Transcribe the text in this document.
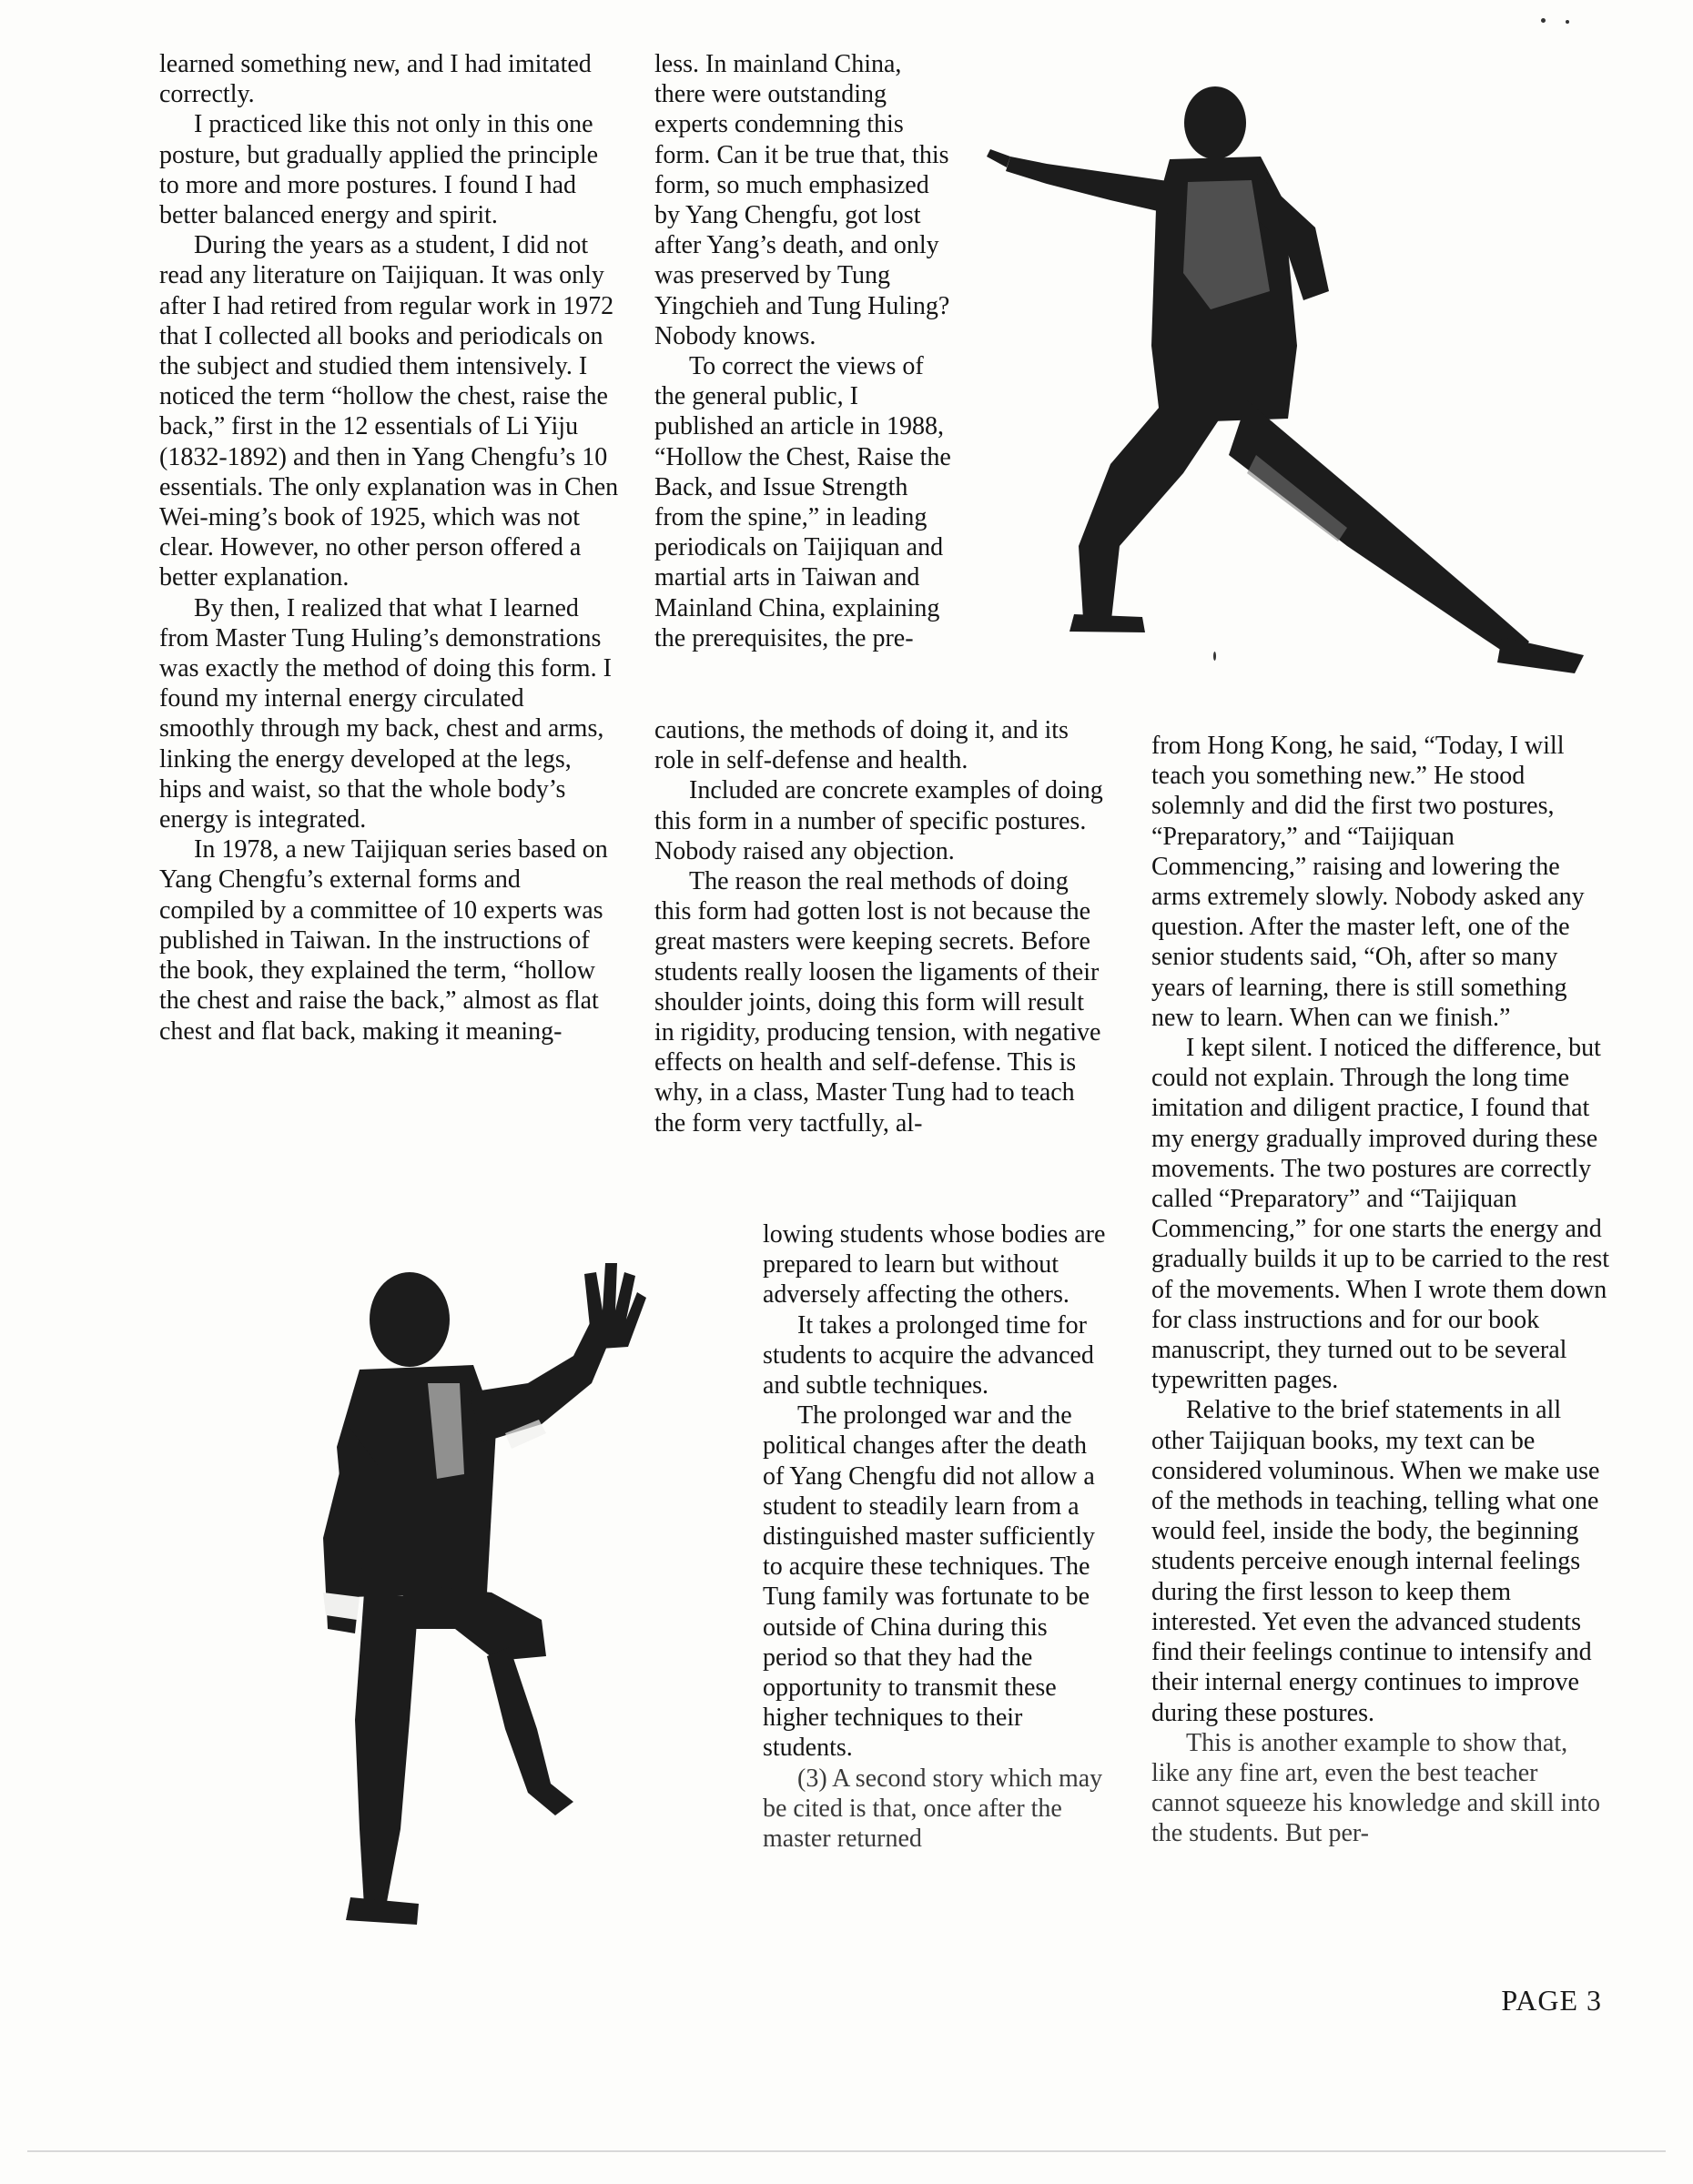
learned something new, and I had imitated correctly.

I practiced like this not only in this one posture, but gradually applied the principle to more and more postures. I found I had better balanced energy and spirit.

During the years as a student, I did not read any literature on Taijiquan. It was only after I had retired from regular work in 1972 that I collected all books and periodicals on the subject and studied them intensively. I noticed the term “hollow the chest, raise the back,” first in the 12 essentials of Li Yiju (1832-1892) and then in Yang Chengfu’s 10 essentials. The only explanation was in Chen Wei-ming’s book of 1925, which was not clear. However, no other person offered a better explanation.

By then, I realized that what I learned from Master Tung Huling’s demonstrations was exactly the method of doing this form. I found my internal energy circulated smoothly through my back, chest and arms, linking the energy developed at the legs, hips and waist, so that the whole body’s energy is integrated.

In 1978, a new Taijiquan series based on Yang Chengfu’s external forms and compiled by a committee of 10 experts was published in Taiwan. In the instructions of the book, they explained the term, “hollow the chest and raise the back,” almost as flat chest and flat back, making it meaning-

less. In mainland China, there were outstanding experts condemning this form. Can it be true that, this form, so much emphasized by Yang Chengfu, got lost after Yang’s death, and only was preserved by Tung Yingchieh and Tung Huling? Nobody knows.

To correct the views of the general public, I published an article in 1988, “Hollow the Chest, Raise the Back, and Issue Strength from the spine,” in leading periodicals on Taijiquan and martial arts in Taiwan and Mainland China, explaining the prerequisites, the pre-

cautions, the methods of doing it, and its role in self-defense and health.

Included are concrete examples of doing this form in a number of specific postures. Nobody raised any objection.

The reason the real methods of doing this form had gotten lost is not because the great masters were keeping secrets. Before students really loosen the ligaments of their shoulder joints, doing this form will result in rigidity, producing tension, with negative effects on health and self-defense. This is why, in a class, Master Tung had to teach the form very tactfully, al-

lowing students whose bodies are prepared to learn but without adversely affecting the others.

It takes a prolonged time for students to acquire the advanced and subtle techniques.

The prolonged war and the political changes after the death of Yang Chengfu did not allow a student to steadily learn from a distinguished master sufficiently to acquire these techniques. The Tung family was fortunate to be outside of China during this period so that they had the opportunity to transmit these higher techniques to their students.

(3) A second story which may be cited is that, once after the master returned

from Hong Kong, he said, “Today, I will teach you something new.” He stood solemnly and did the first two postures, “Preparatory,” and “Taijiquan Commencing,” raising and lowering the arms extremely slowly. Nobody asked any question. After the master left, one of the senior students said, “Oh, after so many years of learning, there is still something new to learn. When can we finish.”

I kept silent. I noticed the difference, but could not explain. Through the long time imitation and diligent practice, I found that my energy gradually improved during these movements. The two postures are correctly called “Preparatory” and “Taijiquan Commencing,” for one starts the energy and gradually builds it up to be carried to the rest of the movements. When I wrote them down for class instructions and for our book manuscript, they turned out to be several typewritten pages.

Relative to the brief statements in all other Taijiquan books, my text can be considered voluminous. When we make use of the methods in teaching, telling what one would feel, inside the body, the beginning students perceive enough internal feelings during the first lesson to keep them interested. Yet even the advanced students find their feelings continue to intensify and their internal energy continues to improve during these postures.

This is another example to show that, like any fine art, even the best teacher cannot squeeze his knowledge and skill into the students. But per-

PAGE 3
